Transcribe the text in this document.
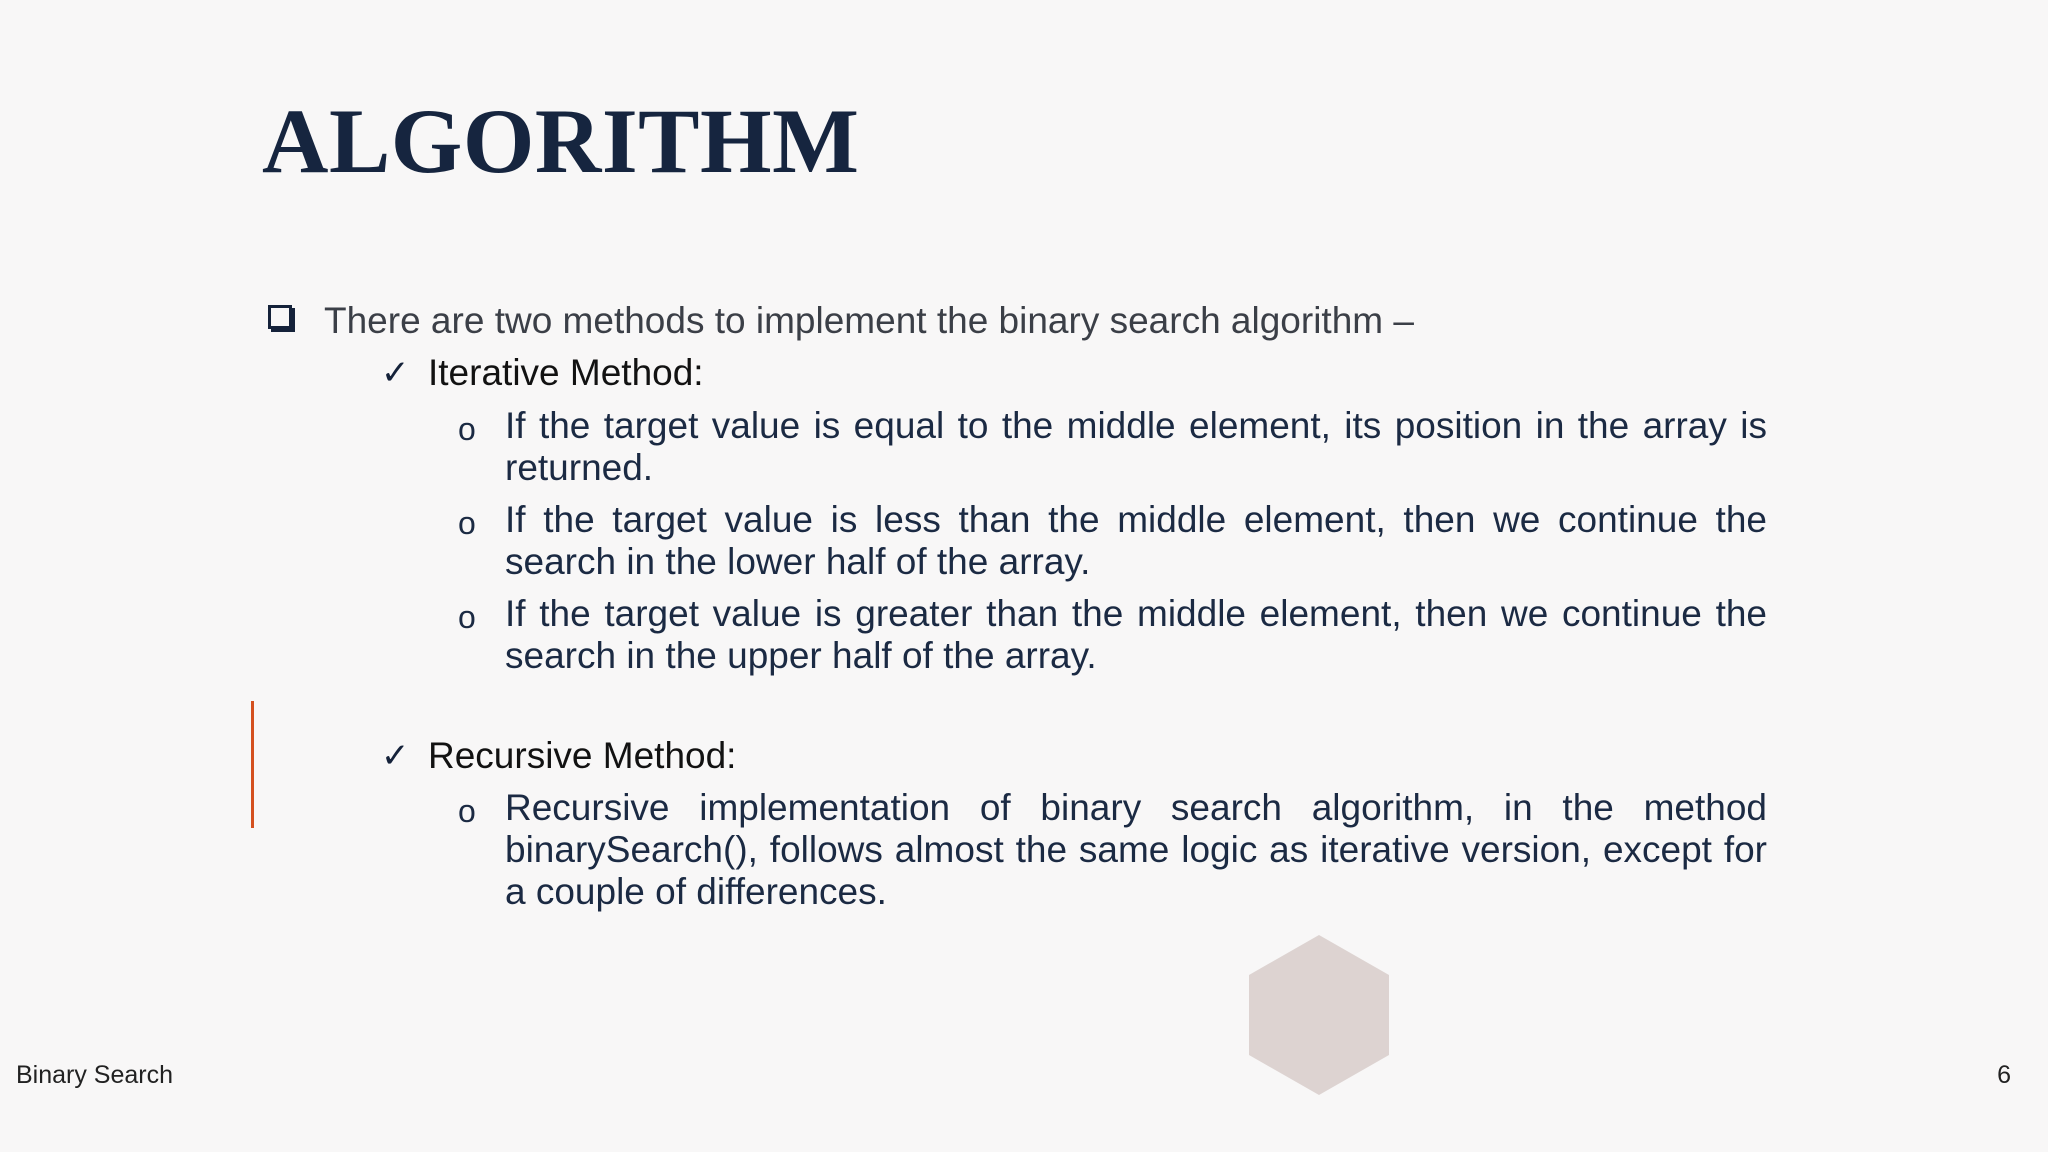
ALGORITHM
There are two methods to implement the binary search algorithm –
✓ Iterative Method:
o If the target value is equal to the middle element, its position in the array is returned.
o If the target value is less than the middle element, then we continue the search in the lower half of the array.
o If the target value is greater than the middle element, then we continue the search in the upper half of the array.
✓ Recursive Method:
o Recursive implementation of binary search algorithm, in the method binarySearch(), follows almost the same logic as iterative version, except for a couple of differences.
Binary Search	6
